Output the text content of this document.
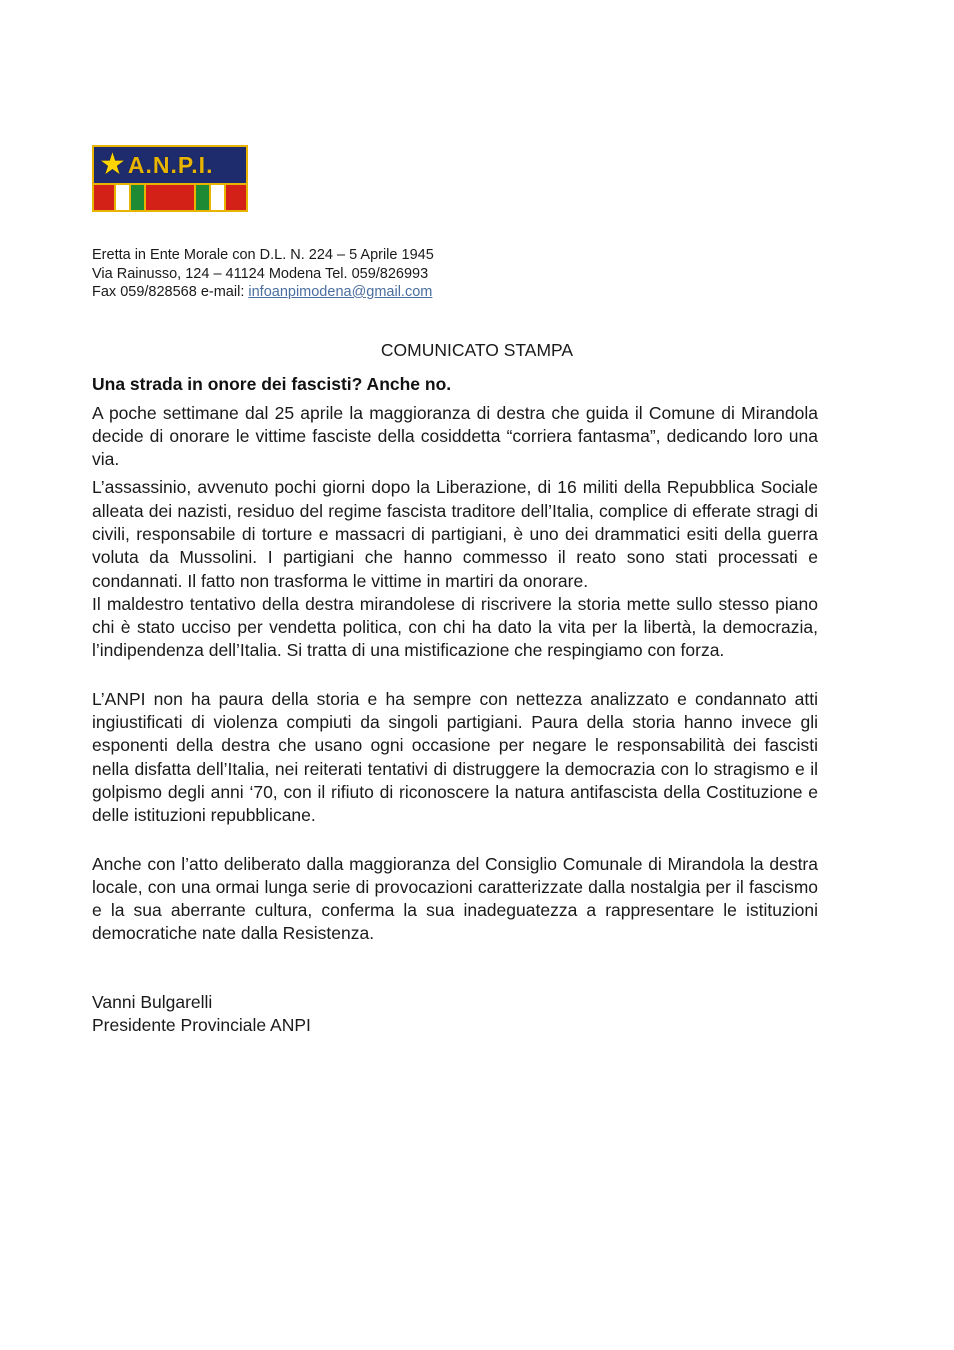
★ A.N.P.I.
Eretta in Ente Morale con D.L. N. 224 – 5 Aprile 1945
Via Rainusso, 124 – 41124 Modena Tel. 059/826993
Fax 059/828568 e-mail: infoanpimodena@gmail.com
COMUNICATO STAMPA
Una strada in onore dei fascisti? Anche no.

A poche settimane dal 25 aprile la maggioranza di destra che guida il Comune di Mirandola decide di onorare le vittime fasciste della cosiddetta “corriera fantasma”, dedicando loro una via.

L’assassinio, avvenuto pochi giorni dopo la Liberazione, di 16 militi della Repubblica Sociale alleata dei nazisti, residuo del regime fascista traditore dell’Italia, complice di efferate stragi di civili, responsabile di torture e massacri di partigiani, è uno dei drammatici esiti della guerra voluta da Mussolini. I partigiani che hanno commesso il reato sono stati processati e condannati. Il fatto non trasforma le vittime in martiri da onorare.

Il maldestro tentativo della destra mirandolese di riscrivere la storia mette sullo stesso piano chi è stato ucciso per vendetta politica, con chi ha dato la vita per la libertà, la democrazia, l’indipendenza dell’Italia. Si tratta di una mistificazione che respingiamo con forza.

L’ANPI non ha paura della storia e ha sempre con nettezza analizzato e condannato atti ingiustificati di violenza compiuti da singoli partigiani. Paura della storia hanno invece gli esponenti della destra che usano ogni occasione per negare le responsabilità dei fascisti nella disfatta dell’Italia, nei reiterati tentativi di distruggere la democrazia con lo stragismo e il golpismo degli anni ‘70, con il rifiuto di riconoscere la natura antifascista della Costituzione e delle istituzioni repubblicane.

Anche con l’atto deliberato dalla maggioranza del Consiglio Comunale di Mirandola la destra locale, con una ormai lunga serie di provocazioni caratterizzate dalla nostalgia per il fascismo e la sua aberrante cultura, conferma la sua inadeguatezza a rappresentare le istituzioni democratiche nate dalla Resistenza.

Vanni Bulgarelli
Presidente Provinciale ANPI
